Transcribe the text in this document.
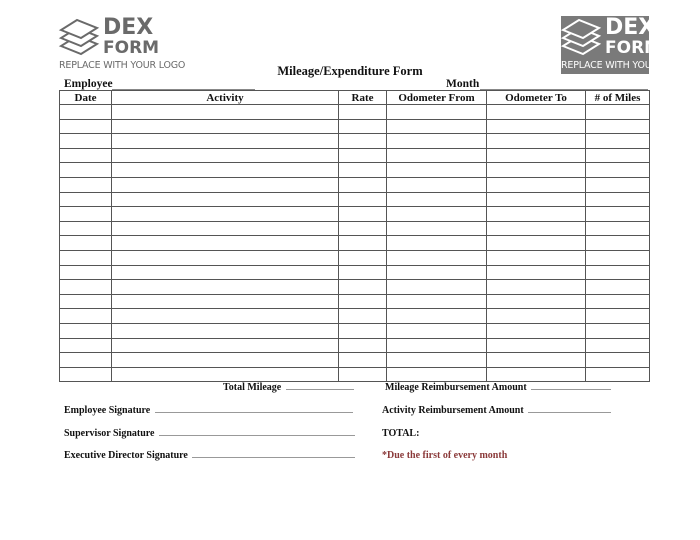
DEX
FORM
REPLACE WITH YOUR LOGO
DEX
FORM
REPLACE WITH YOUR LOGO
Mileage/Expenditure Form
Employee	Month
Date	Activity	Rate	Odometer From	Odometer To	# of Miles

Total Mileage	Mileage Reimbursement Amount
Employee Signature	Activity Reimbursement Amount
Supervisor Signature	TOTAL:
Executive Director Signature	*Due the first of every month
